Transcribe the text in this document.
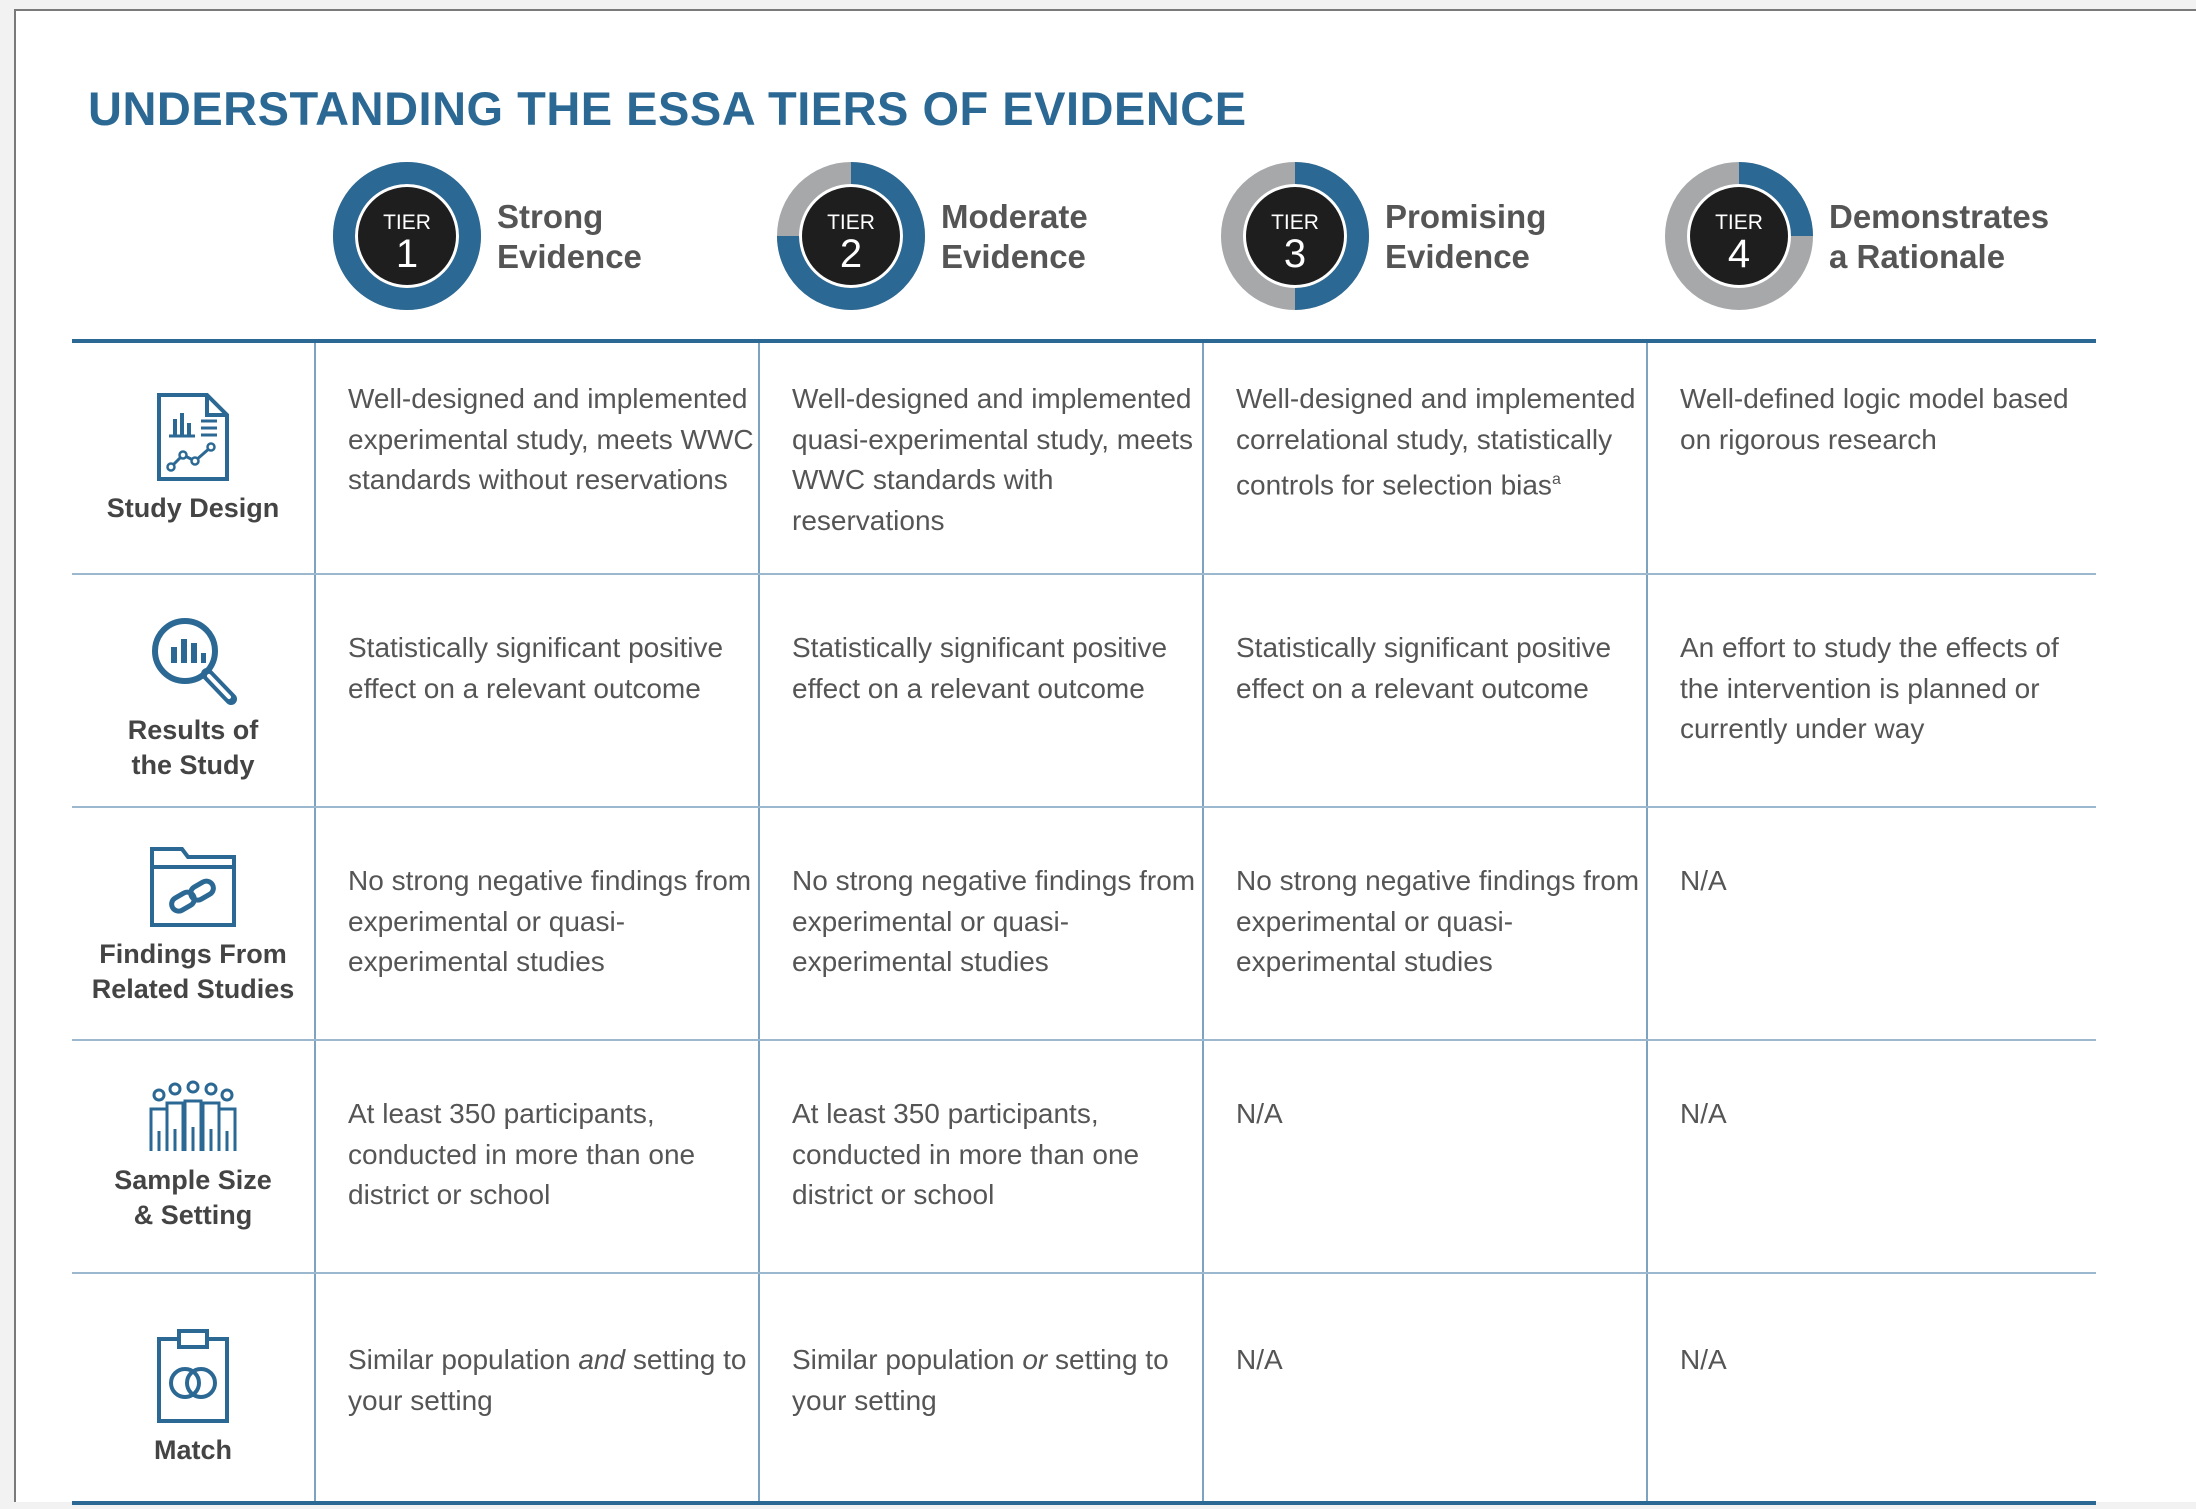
UNDERSTANDING THE ESSA TIERS OF EVIDENCE
TIER
1
Strong
Evidence
TIER
2
Moderate
Evidence
TIER
3
Promising
Evidence
TIER
4
Demonstrates
a Rationale
Study Design
Well-designed and implemented experimental study, meets WWC standards without reservations
Well-designed and implemented quasi-experimental study, meets WWC standards with reservations
Well-designed and implemented correlational study, statistically controls for selection bias$^a$
Well-defined logic model based on rigorous research
Results of
the Study
Statistically significant positive effect on a relevant outcome
Statistically significant positive effect on a relevant outcome
Statistically significant positive effect on a relevant outcome
An effort to study the effects of the intervention is planned or currently under way
Findings From
Related Studies
No strong negative findings from experimental or quasi-experimental studies
No strong negative findings from experimental or quasi-experimental studies
No strong negative findings from experimental or quasi-experimental studies
N/A
Sample Size
& Setting
At least 350 participants, conducted in more than one district or school
At least 350 participants, conducted in more than one district or school
N/A	N/A
Match
Similar population and setting to your setting
Similar population or setting to your setting
N/A	N/A
